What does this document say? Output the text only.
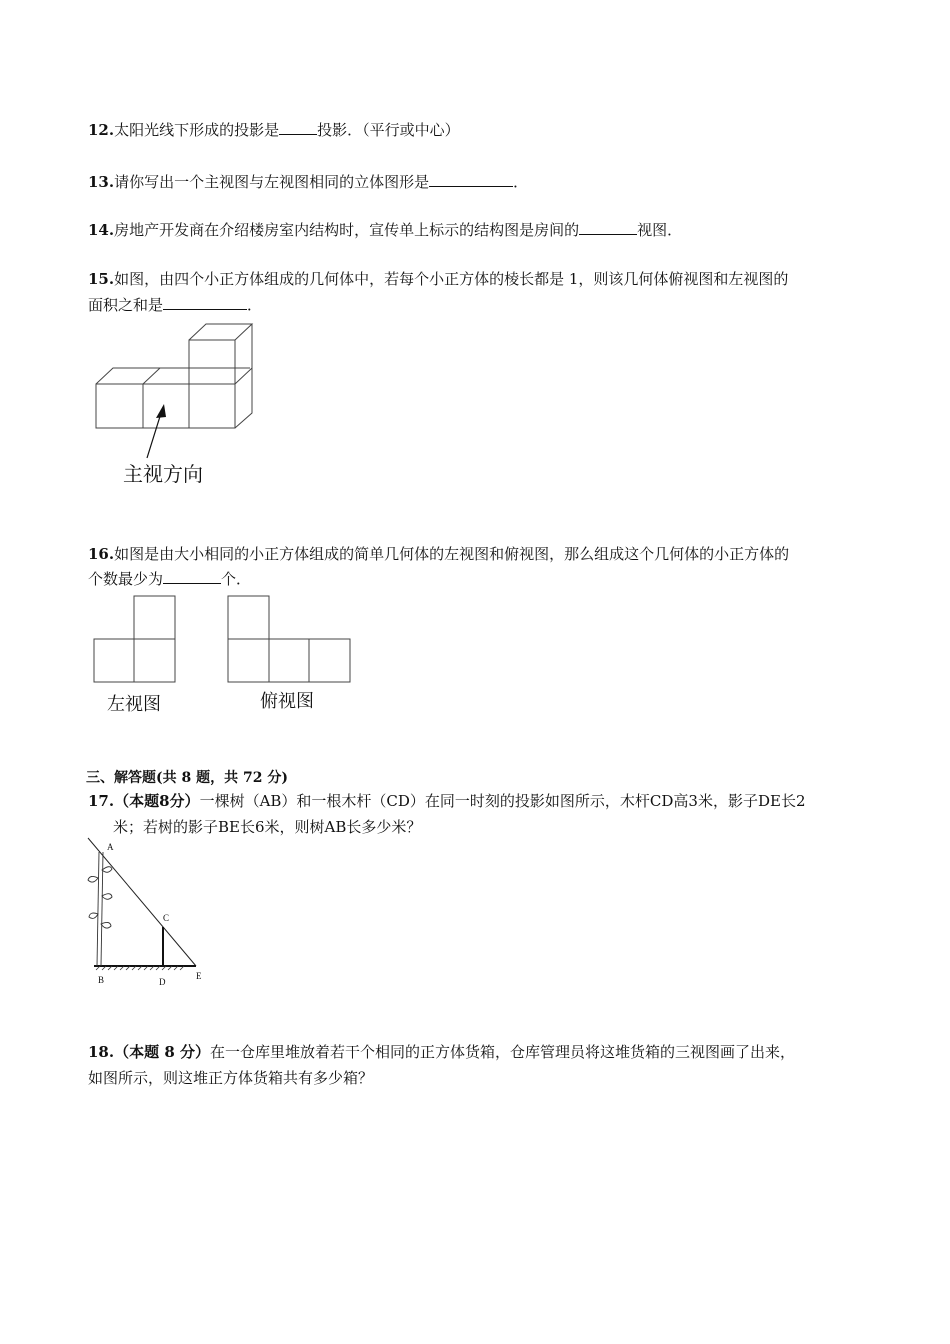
12.太阳光线下形成的投影是	投影．（平行或中心）
13.请你写出一个主视图与左视图相同的立体图形是	．
14.房地产开发商在介绍楼房室内结构时，宣传单上标示的结构图是房间的	视图．
15.如图，由四个小正方体组成的几何体中，若每个小正方体的棱长都是 1，则该几何体俯视图和左视图的
面积之和是	．
主视方向
16.如图是由大小相同的小正方体组成的简单几何体的左视图和俯视图，那么组成这个几何体的小正方体的
个数最少为	个．
左视图	俯视图
三、解答题(共 8 题，共 72 分)
17.（本题8分）一棵树（AB）和一根木杆（CD）在同一时刻的投影如图所示，木杆CD高3米，影子DE长2
米；若树的影子BE长6米，则树AB长多少米？
A
C
B	D
E
18.（本题 8 分）在一仓库里堆放着若干个相同的正方体货箱，仓库管理员将这堆货箱的三视图画了出来，
如图所示，则这堆正方体货箱共有多少箱？
